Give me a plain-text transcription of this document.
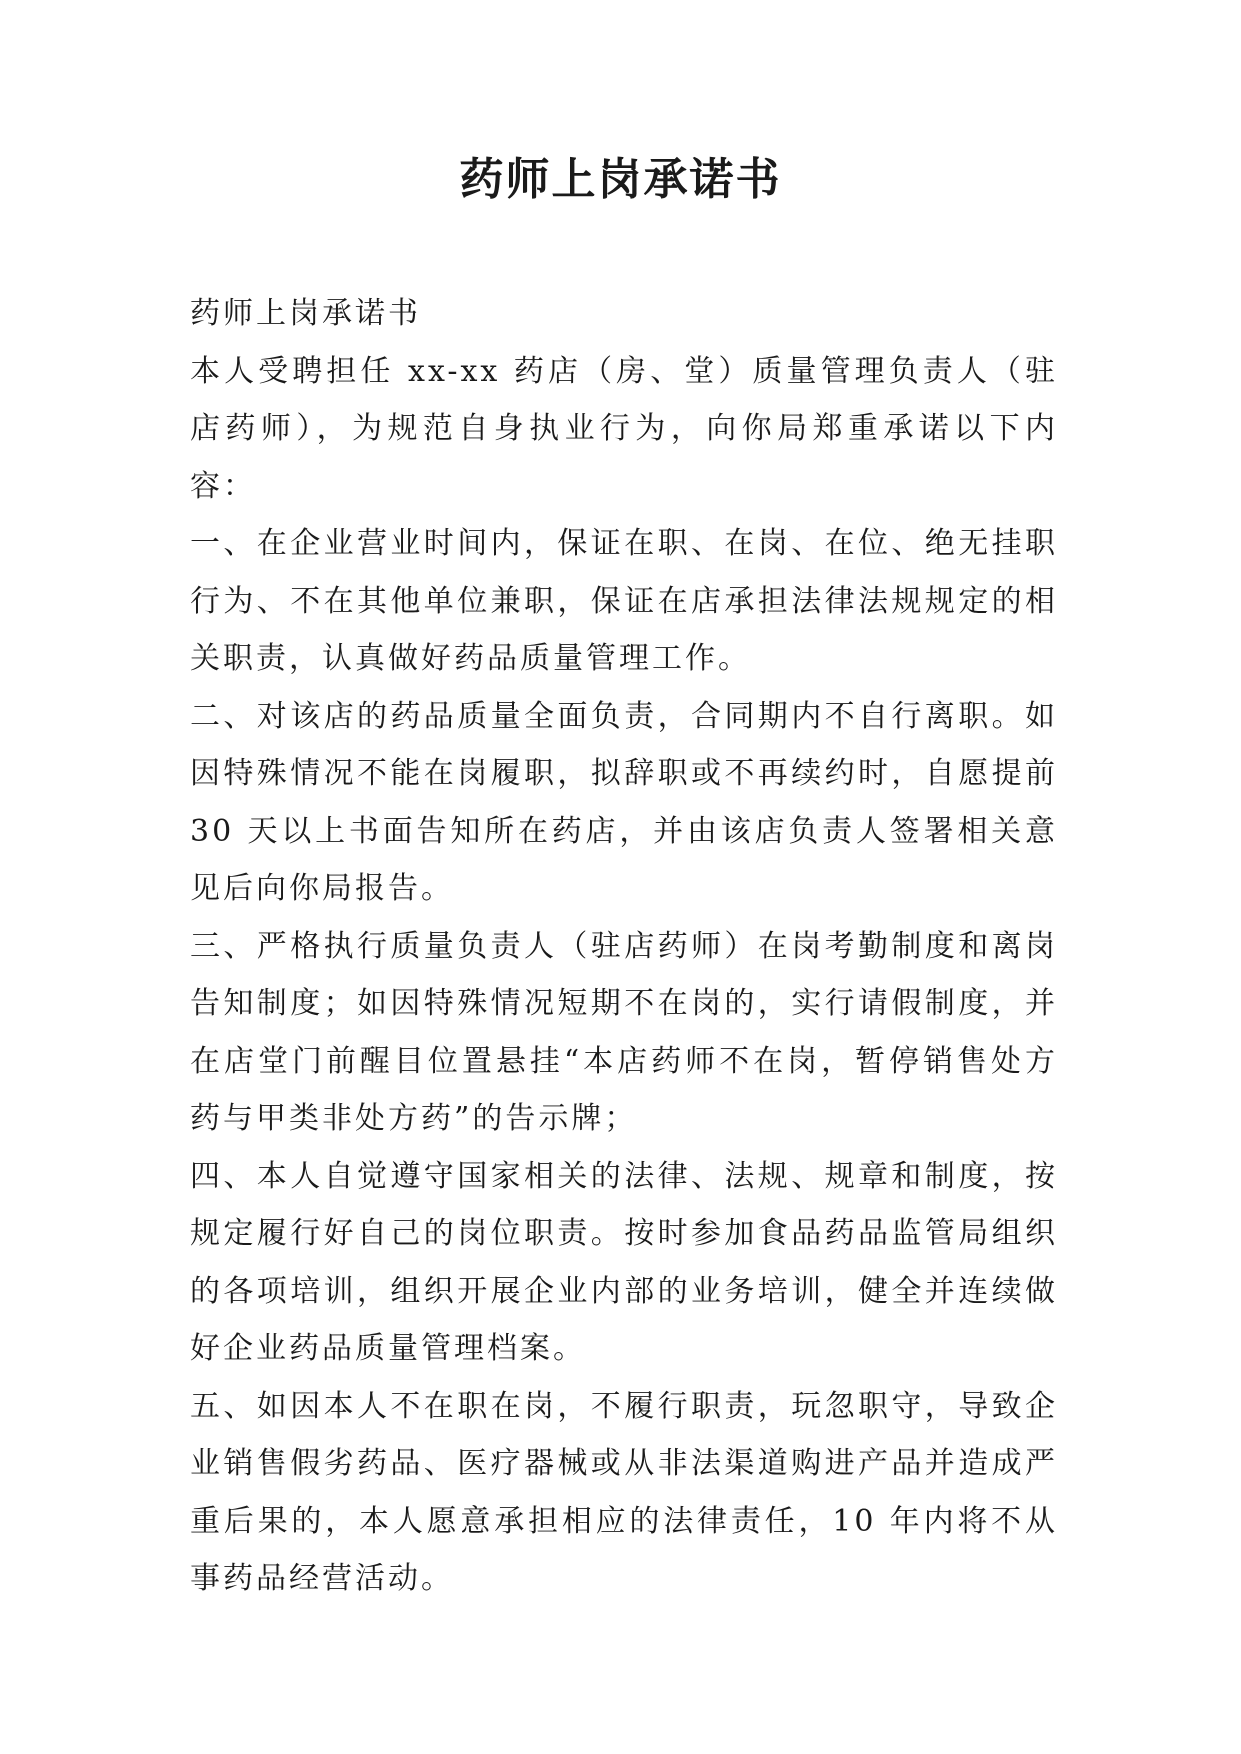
药师上岗承诺书

药师上岗承诺书

本人受聘担任 xx-xx 药店（房、堂）质量管理负责人（驻店药师），为规范自身执业行为，向你局郑重承诺以下内容：

一、在企业营业时间内，保证在职、在岗、在位、绝无挂职行为、不在其他单位兼职，保证在店承担法律法规规定的相关职责，认真做好药品质量管理工作。

二、对该店的药品质量全面负责，合同期内不自行离职。如因特殊情况不能在岗履职，拟辞职或不再续约时，自愿提前 30 天以上书面告知所在药店，并由该店负责人签署相关意见后向你局报告。

三、严格执行质量负责人（驻店药师）在岗考勤制度和离岗告知制度；如因特殊情况短期不在岗的，实行请假制度，并在店堂门前醒目位置悬挂“本店药师不在岗，暂停销售处方药与甲类非处方药”的告示牌；

四、本人自觉遵守国家相关的法律、法规、规章和制度，按规定履行好自己的岗位职责。按时参加食品药品监管局组织的各项培训，组织开展企业内部的业务培训，健全并连续做好企业药品质量管理档案。

五、如因本人不在职在岗，不履行职责，玩忽职守，导致企业销售假劣药品、医疗器械或从非法渠道购进产品并造成严重后果的，本人愿意承担相应的法律责任，10 年内将不从事药品经营活动。
